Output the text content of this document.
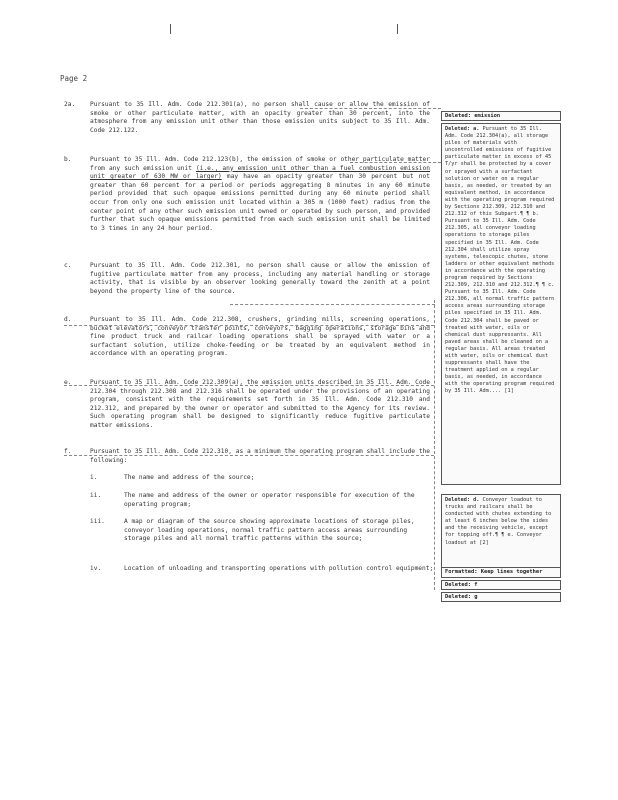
Page 2
2a.	Pursuant to 35 Ill. Adm. Code 212.301(a), no person shall cause or allow the emission of smoke or other particulate matter, with an opacity greater than 30 percent, into the atmosphere from any emission unit other than those emission units subject to 35 Ill. Adm. Code 212.122.
b.	Pursuant to 35 Ill. Adm. Code 212.123(b), the emission of smoke or other particulate matter from any such emission unit (i.e., any emission unit other than a fuel combustion emission unit greater of 630 MW or larger) may have an opacity greater than 30 percent but not greater than 60 percent for a period or periods aggregating 8 minutes in any 60 minute period provided that such opaque emissions permitted during any 60 minute period shall occur from only one such emission unit located within a 305 m (1000 feet) radius from the center point of any other such emission unit owned or operated by such person, and provided further that such opaque emissions permitted from each such emission unit shall be limited to 3 times in any 24 hour period.
c.	Pursuant to 35 Ill. Adm. Code 212.301, no person shall cause or allow the emission of fugitive particulate matter from any process, including any material handling or storage activity, that is visible by an observer looking generally toward the zenith at a point beyond the property line of the source.
d.	Pursuant to 35 Ill. Adm. Code 212.308, crushers, grinding mills, screening operations, bucket elevators, conveyor transfer points, conveyors, bagging operations, storage bins and fine product truck and railcar loading operations shall be sprayed with water or a surfactant solution, utilize choke-feeding or be treated by an equivalent method in accordance with an operating program.
e.	Pursuant to 35 Ill. Adm. Code 212.309(a), the emission units described in 35 Ill. Adm. Code 212.304 through 212.308 and 212.316 shall be operated under the provisions of an operating program, consistent with the requirements set forth in 35 Ill. Adm. Code 212.310 and 212.312, and prepared by the owner or operator and submitted to the Agency for its review. Such operating program shall be designed to significantly reduce fugitive particulate matter emissions.
f.	Pursuant to 35 Ill. Adm. Code 212.310, as a minimum the operating program shall include the following:
i.	The name and address of the source;
ii.	The name and address of the owner or operator responsible for execution of the operating program;
iii.	A map or diagram of the source showing approximate locations of storage piles, conveyor loading operations, normal traffic pattern access areas surrounding storage piles and all normal traffic patterns within the source;
iv.	Location of unloading and transporting operations with pollution control equipment;
Deleted: emission
Deleted: a. Pursuant to 35 Ill. Adm. Code 212.304(a), all storage piles of materials with uncontrolled emissions of fugitive particulate matter in excess of 45 T/yr shall be protected by a cover or sprayed with a surfactant solution or water on a regular basis, as needed, or treated by an equivalent method, in accordance with the operating program required by Sections 212.309, 212.310 and 212.312 of this Subpart.¶ ¶ b. Pursuant to 35 Ill. Adm. Code 212.305, all conveyor loading operations to storage piles specified in 35 Ill. Adm. Code 212.304 shall utilize spray systems, telescopic chutes, stone ladders or other equivalent methods in accordance with the operating program required by Sections 212.309, 212.310 and 212.312.¶ ¶ c. Pursuant to 35 Ill. Adm. Code 212.306, all normal traffic pattern access areas surrounding storage piles specified in 35 Ill. Adm. Code 212.304 shall be paved or treated with water, oils or chemical dust suppressants. All paved areas shall be cleaned on a regular basis. All areas treated with water, oils or chemical dust suppressants shall have the treatment applied on a regular basis, as needed, in accordance with the operating program required by 35 Ill. Adm.... [1]
Deleted: d. Conveyor loadout to trucks and railcars shall be conducted with chutes extending to at least 6 inches below the sides and the receiving vehicle, except for topping off.¶ ¶ e. Conveyor loadout at [2]
Formatted: Keep lines together
Deleted: f
Deleted: g
